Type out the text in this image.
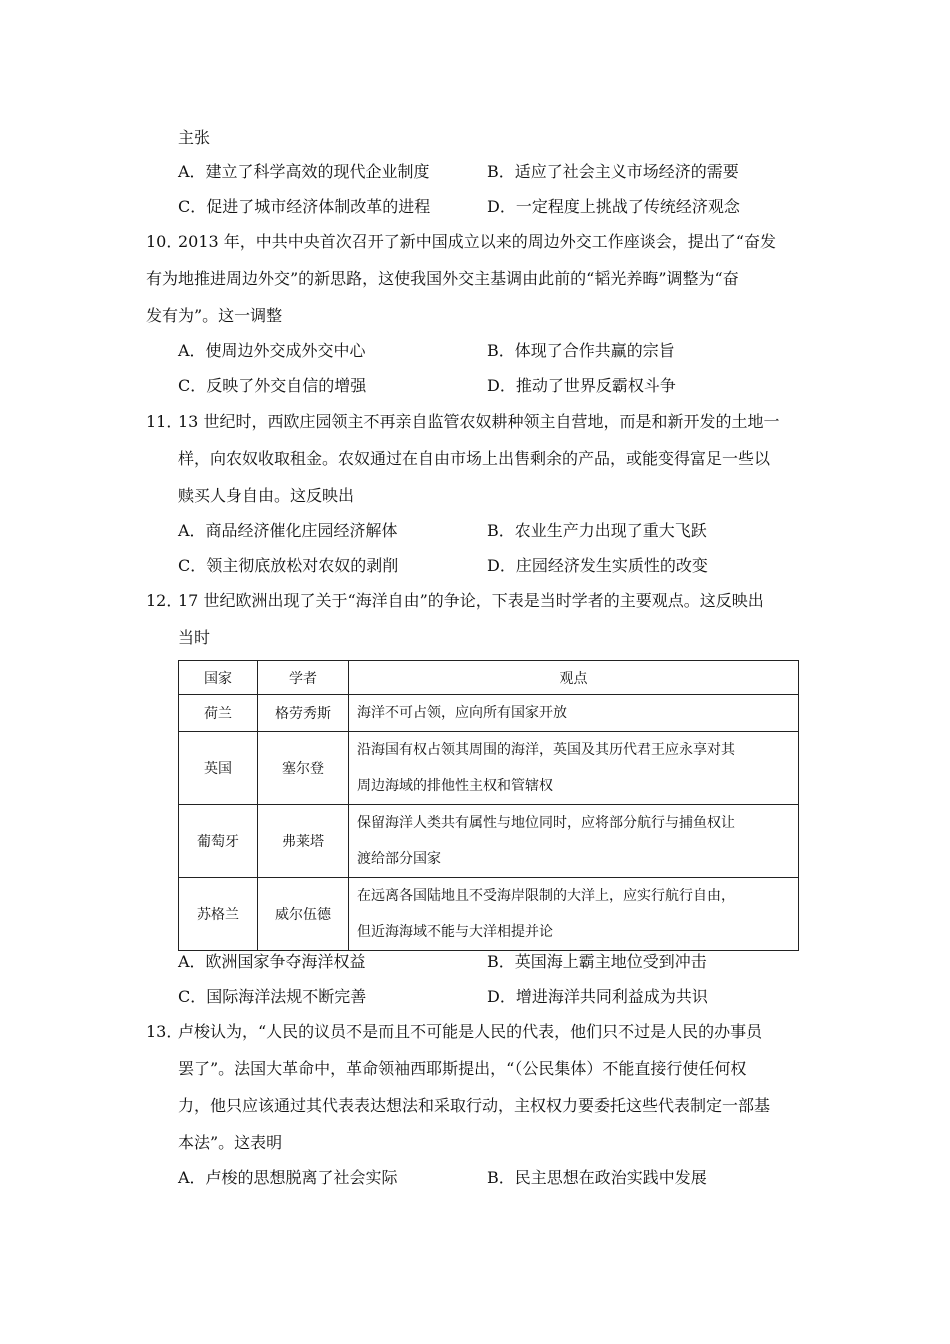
主张
A．建立了科学高效的现代企业制度	B．适应了社会主义市场经济的需要
C．促进了城市经济体制改革的进程	D．一定程度上挑战了传统经济观念
10．
2013 年，中共中央首次召开了新中国成立以来的周边外交工作座谈会，提出了“奋发
有为地推进周边外交”的新思路，这使我国外交主基调由此前的“韬光养晦”调整为“奋
发有为”。这一调整
A．使周边外交成外交中心	B．体现了合作共赢的宗旨
C．反映了外交自信的增强	D．推动了世界反霸权斗争
11．
13 世纪时，西欧庄园领主不再亲自监管农奴耕种领主自营地，而是和新开发的土地一
样，向农奴收取租金。农奴通过在自由市场上出售剩余的产品，或能变得富足一些以
赎买人身自由。这反映出
A．商品经济催化庄园经济解体	B．农业生产力出现了重大飞跃
C．领主彻底放松对农奴的剥削	D．庄园经济发生实质性的改变
12．
17 世纪欧洲出现了关于“海洋自由”的争论，下表是当时学者的主要观点。这反映出
当时
国家	学者	观点
荷兰	格劳秀斯	海洋不可占领，应向所有国家开放
英国	塞尔登	沿海国有权占领其周围的海洋，英国及其历代君王应永享对其
周边海域的排他性主权和管辖权
葡萄牙	弗莱塔	保留海洋人类共有属性与地位同时，应将部分航行与捕鱼权让
渡给部分国家
苏格兰	威尔伍德	在远离各国陆地且不受海岸限制的大洋上，应实行航行自由，
但近海海域不能与大洋相提并论
A．欧洲国家争夺海洋权益	B．英国海上霸主地位受到冲击
C．国际海洋法规不断完善	D．增进海洋共同利益成为共识
13．
卢梭认为，“人民的议员不是而且不可能是人民的代表，他们只不过是人民的办事员
罢了”。法国大革命中，革命领袖西耶斯提出，“（公民集体）不能直接行使任何权
力，他只应该通过其代表表达想法和采取行动，主权权力要委托这些代表制定一部基
本法”。这表明
A．卢梭的思想脱离了社会实际	B．民主思想在政治实践中发展
